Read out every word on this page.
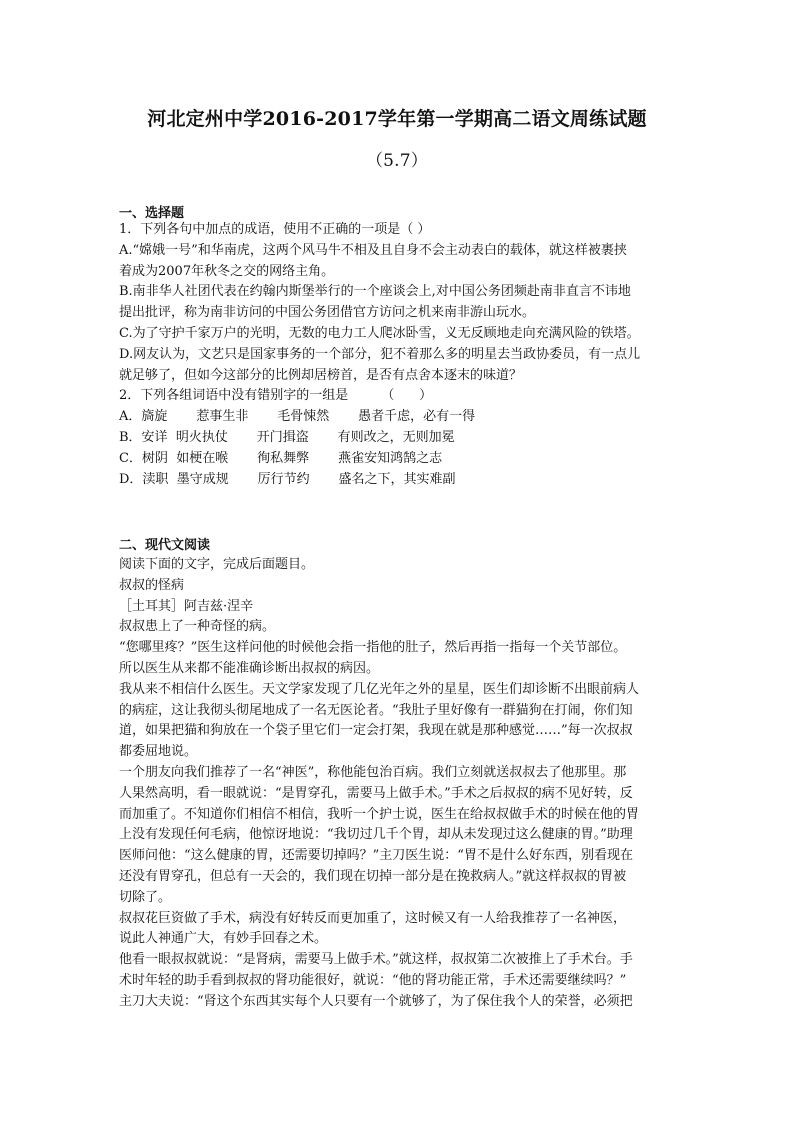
河北定州中学2016-2017学年第一学期高二语文周练试题
（5.7）
一、选择题

1．下列各句中加点的成语，使用不正确的一项是（ ）

A.“嫦娥一号”和华南虎，这两个风马牛不相及且自身不会主动表白的载体，就这样被裹挟

着成为2007年秋冬之交的网络主角。

B.南非华人社团代表在约翰内斯堡举行的一个座谈会上,对中国公务团频赴南非直言不讳地

提出批评，称为南非访问的中国公务团借官方访问之机来南非游山玩水。

C.为了守护千家万户的光明，无数的电力工人爬冰卧雪，义无反顾地走向充满风险的铁塔。

D.网友认为，文艺只是国家事务的一个部分，犯不着那么多的明星去当政协委员，有一点儿

就足够了，但如今这部分的比例却居榜首，是否有点舍本逐末的味道？

2．下列各组词语中没有错别字的一组是        （      ）

A．旖旋       惹事生非       毛骨悚然       愚者千虑，必有一得

B．安详  明火执仗       开门揖盗       有则改之，无则加冕

C．树阴  如梗在喉       徇私舞弊       燕雀安知鸿鹄之志

D．渎职  墨守成规       厉行节约       盛名之下，其实难副

二、现代文阅读

阅读下面的文字，完成后面题目。

叔叔的怪病

［土耳其］阿吉兹·涅辛

叔叔患上了一种奇怪的病。

“您哪里疼？”医生这样问他的时候他会指一指他的肚子，然后再指一指每一个关节部位。

所以医生从来都不能准确诊断出叔叔的病因。

我从来不相信什么医生。天文学家发现了几亿光年之外的星星，医生们却诊断不出眼前病人

的病症，这让我彻头彻尾地成了一名无医论者。“我肚子里好像有一群猫狗在打闹，你们知

道，如果把猫和狗放在一个袋子里它们一定会打架，我现在就是那种感觉……”每一次叔叔

都委屈地说。

一个朋友向我们推荐了一名“神医”，称他能包治百病。我们立刻就送叔叔去了他那里。那

人果然高明，看一眼就说：“是胃穿孔，需要马上做手术。”手术之后叔叔的病不见好转，反

而加重了。不知道你们相信不相信，我听一个护士说，医生在给叔叔做手术的时候在他的胃

上没有发现任何毛病，他惊讶地说：“我切过几千个胃，却从未发现过这么健康的胃。”助理

医师问他：“这么健康的胃，还需要切掉吗？”主刀医生说：“胃不是什么好东西，别看现在

还没有胃穿孔，但总有一天会的，我们现在切掉一部分是在挽救病人。”就这样叔叔的胃被

切除了。

叔叔花巨资做了手术，病没有好转反而更加重了，这时候又有一人给我推荐了一名神医，

说此人神通广大，有妙手回春之术。

他看一眼叔叔就说：“是肾病，需要马上做手术。”就这样，叔叔第二次被推上了手术台。手

术时年轻的助手看到叔叔的肾功能很好，就说：“他的肾功能正常，手术还需要继续吗？”

主刀大夫说：“肾这个东西其实每个人只要有一个就够了，为了保住我个人的荣誉，必须把
